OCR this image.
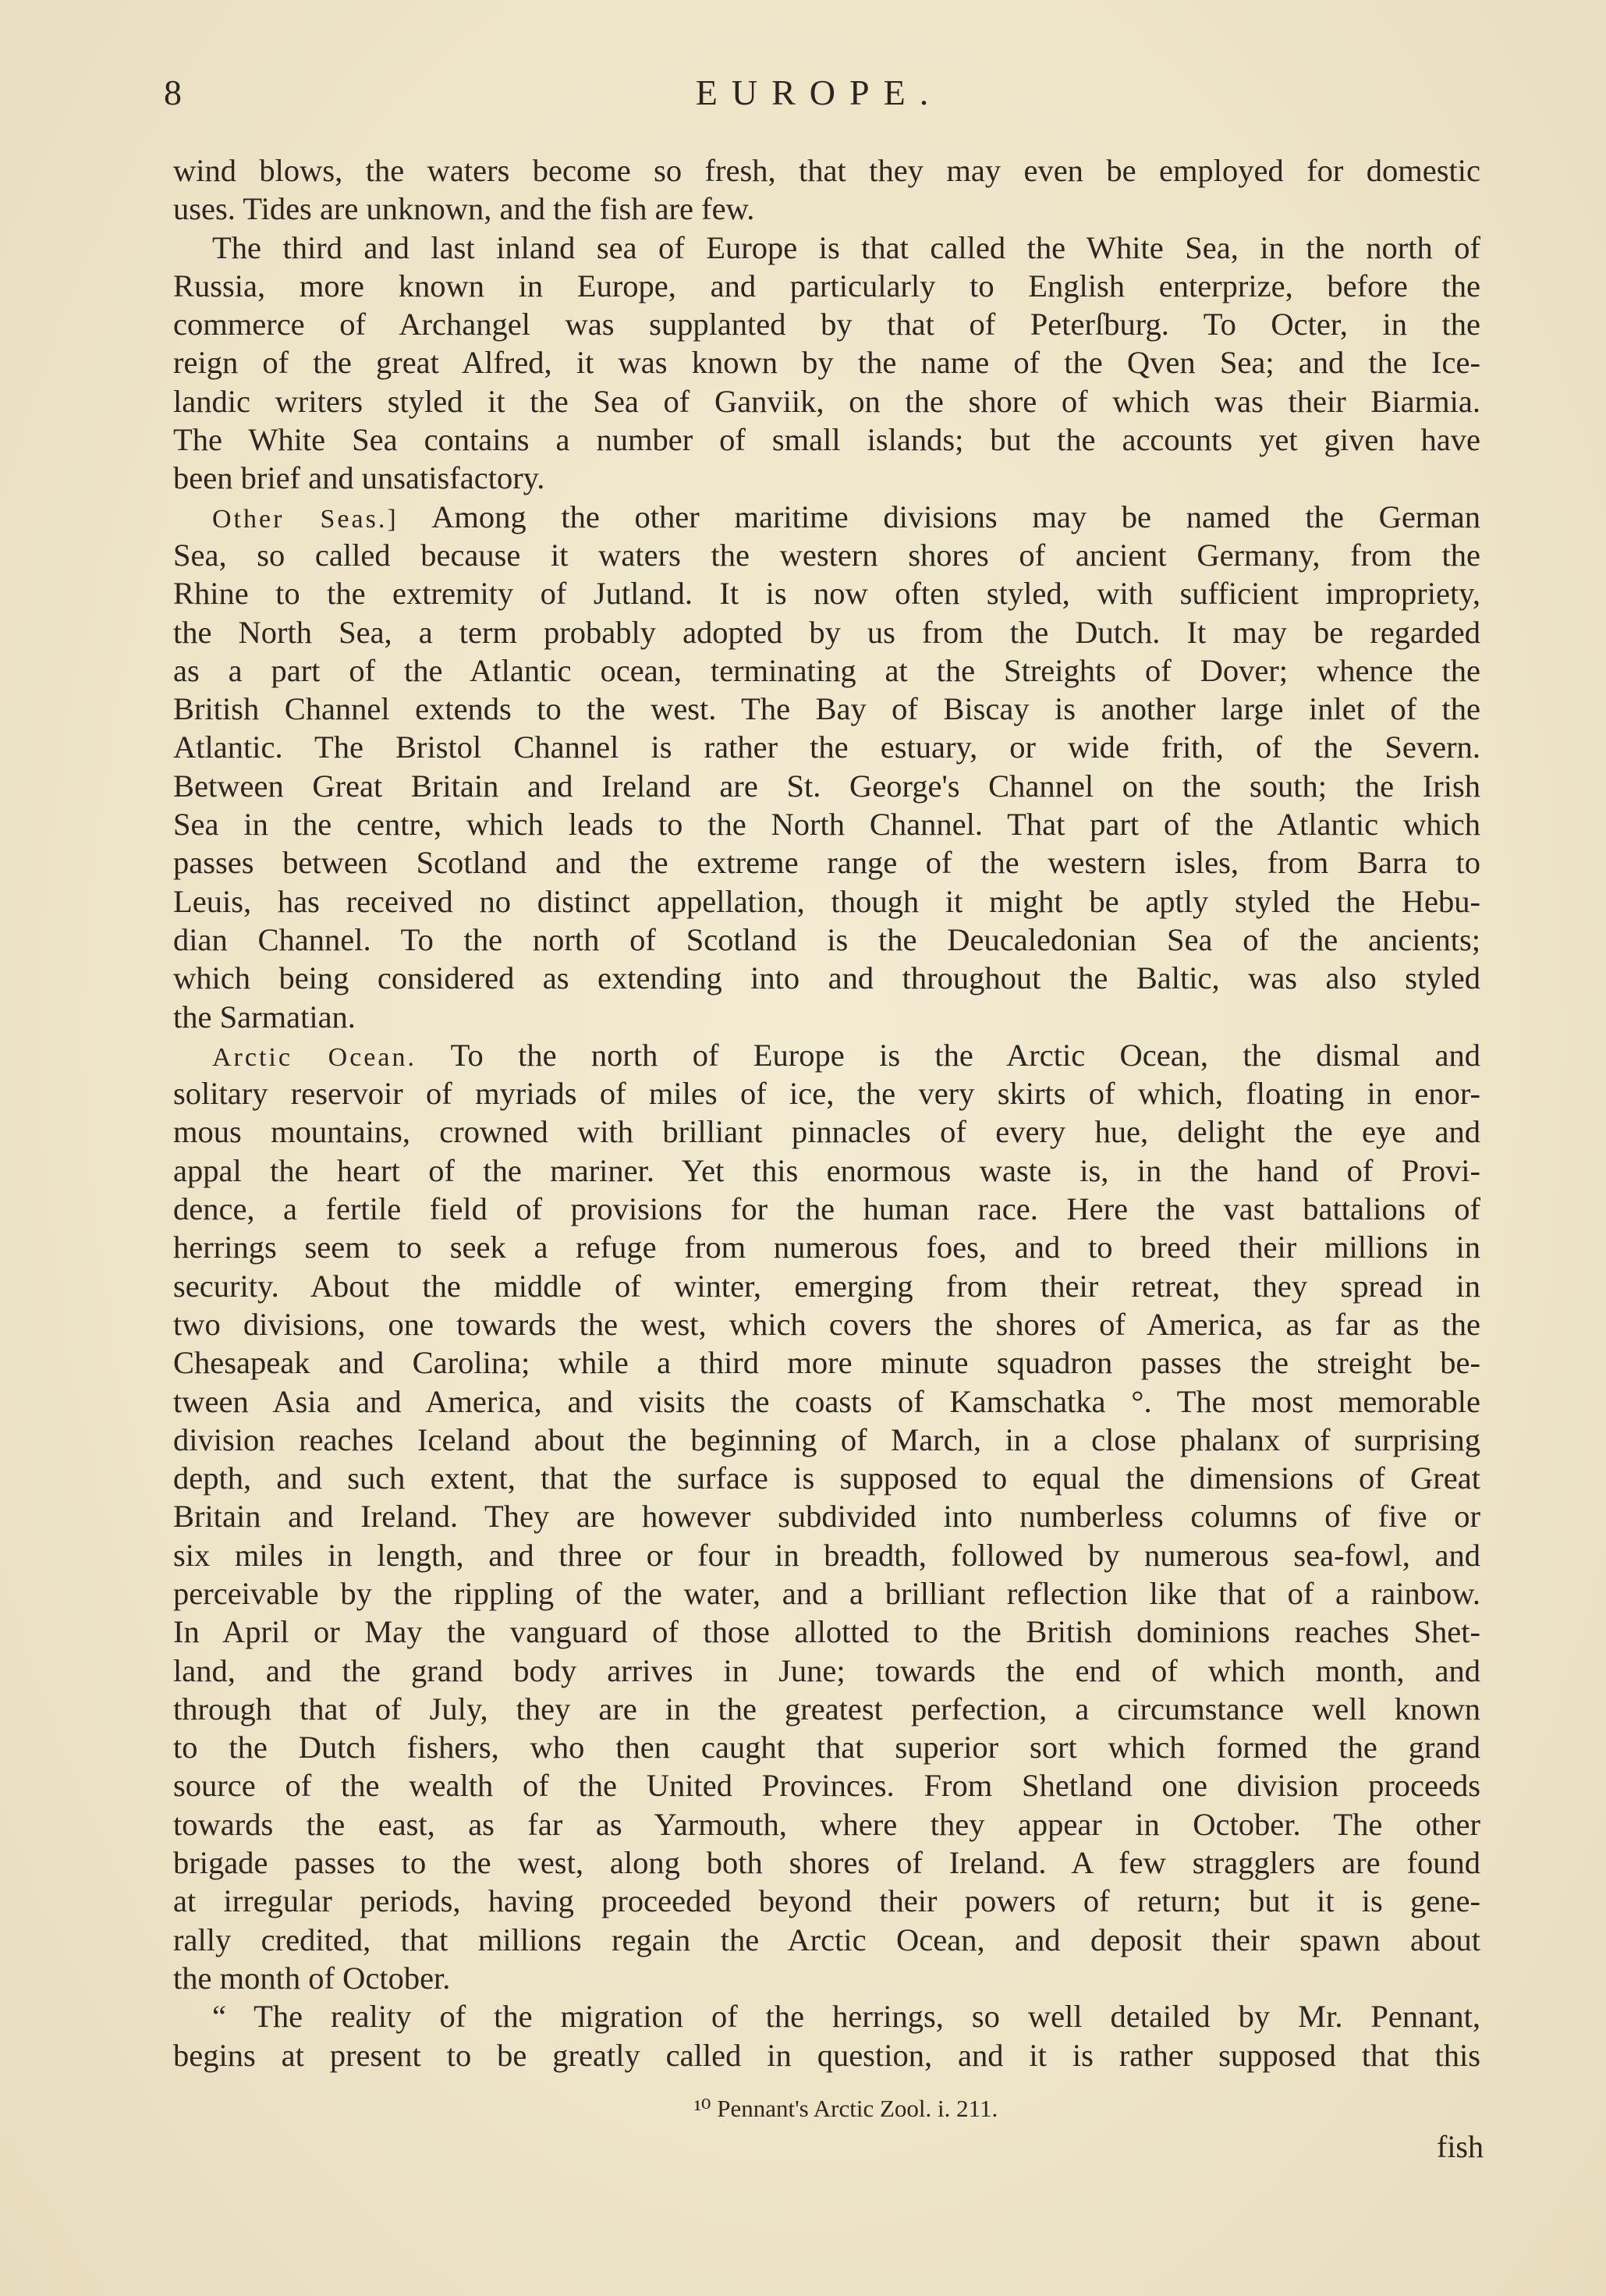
8	EUROPE.
wind blows, the waters become so fresh, that they may even be employed for domestic
uses. Tides are unknown, and the fish are few.
The third and last inland sea of Europe is that called the White Sea, in the north of
Russia, more known in Europe, and particularly to English enterprize, before the
commerce of Archangel was supplanted by that of Peterſburg. To Octer, in the
reign of the great Alfred, it was known by the name of the Qven Sea; and the Ice-
landic writers styled it the Sea of Ganviik, on the shore of which was their Biarmia.
The White Sea contains a number of small islands; but the accounts yet given have
been brief and unsatisfactory.
Other Seas.] Among the other maritime divisions may be named the German
Sea, so called because it waters the western shores of ancient Germany, from the
Rhine to the extremity of Jutland. It is now often styled, with sufficient impropriety,
the North Sea, a term probably adopted by us from the Dutch. It may be regarded
as a part of the Atlantic ocean, terminating at the Streights of Dover; whence the
British Channel extends to the west. The Bay of Biscay is another large inlet of the
Atlantic. The Bristol Channel is rather the estuary, or wide frith, of the Severn.
Between Great Britain and Ireland are St. George's Channel on the south; the Irish
Sea in the centre, which leads to the North Channel. That part of the Atlantic which
passes between Scotland and the extreme range of the western isles, from Barra to
Leuis, has received no distinct appellation, though it might be aptly styled the Hebu-
dian Channel. To the north of Scotland is the Deucaledonian Sea of the ancients;
which being considered as extending into and throughout the Baltic, was also styled
the Sarmatian.
Arctic Ocean. To the north of Europe is the Arctic Ocean, the dismal and
solitary reservoir of myriads of miles of ice, the very skirts of which, floating in enor-
mous mountains, crowned with brilliant pinnacles of every hue, delight the eye and
appal the heart of the mariner. Yet this enormous waste is, in the hand of Provi-
dence, a fertile field of provisions for the human race. Here the vast battalions of
herrings seem to seek a refuge from numerous foes, and to breed their millions in
security. About the middle of winter, emerging from their retreat, they spread in
two divisions, one towards the west, which covers the shores of America, as far as the
Chesapeak and Carolina; while a third more minute squadron passes the streight be-
tween Asia and America, and visits the coasts of Kamschatka °. The most memorable
division reaches Iceland about the beginning of March, in a close phalanx of surprising
depth, and such extent, that the surface is supposed to equal the dimensions of Great
Britain and Ireland. They are however subdivided into numberless columns of five or
six miles in length, and three or four in breadth, followed by numerous sea-fowl, and
perceivable by the rippling of the water, and a brilliant reflection like that of a rainbow.
In April or May the vanguard of those allotted to the British dominions reaches Shet-
land, and the grand body arrives in June; towards the end of which month, and
through that of July, they are in the greatest perfection, a circumstance well known
to the Dutch fishers, who then caught that superior sort which formed the grand
source of the wealth of the United Provinces. From Shetland one division proceeds
towards the east, as far as Yarmouth, where they appear in October. The other
brigade passes to the west, along both shores of Ireland. A few stragglers are found
at irregular periods, having proceeded beyond their powers of return; but it is gene-
rally credited, that millions regain the Arctic Ocean, and deposit their spawn about
the month of October.
“ The reality of the migration of the herrings, so well detailed by Mr. Pennant,
begins at present to be greatly called in question, and it is rather supposed that this
¹⁰ Pennant's Arctic Zool. i. 211.
fish
